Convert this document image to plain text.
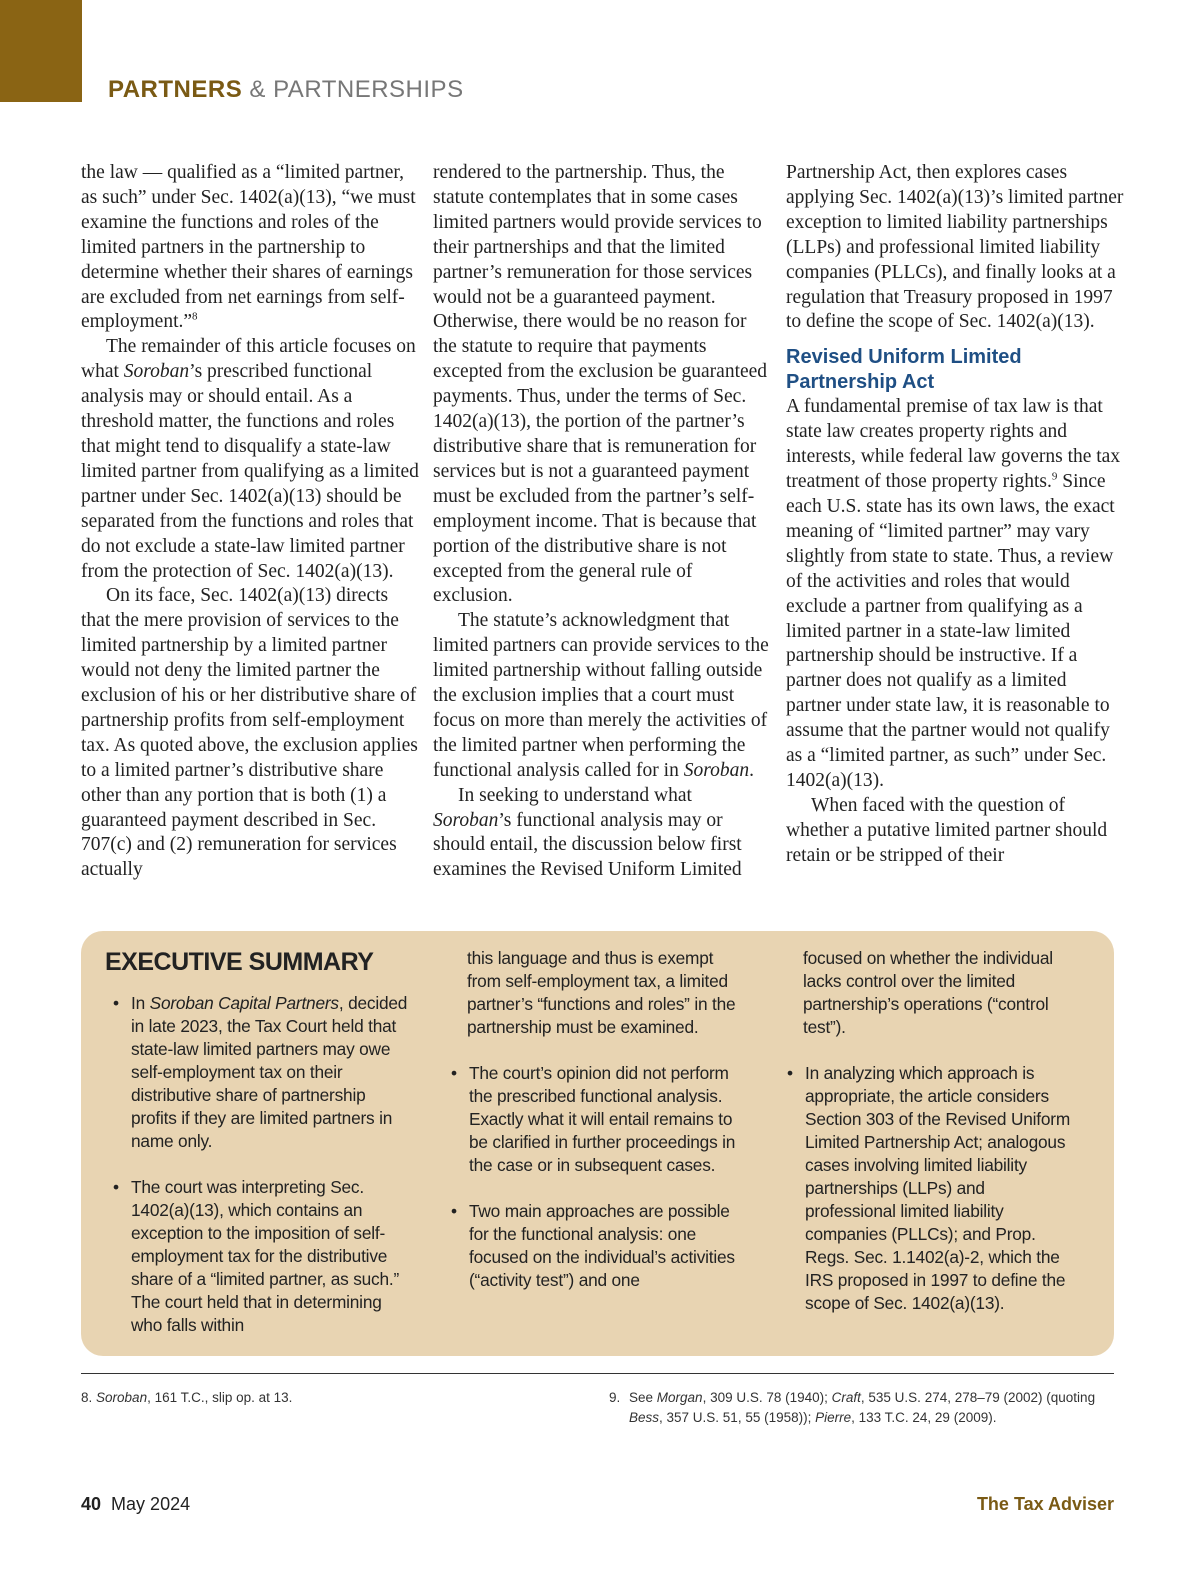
PARTNERS & PARTNERSHIPS

the law — qualified as a “limited partner, as such” under Sec. 1402(a)(13), “we must examine the functions and roles of the limited partners in the partnership to determine whether their shares of earnings are excluded from net earnings from self-employment.”$^8$

The remainder of this article focuses on what Soroban’s prescribed functional analysis may or should entail. As a threshold matter, the functions and roles that might tend to disqualify a state-law limited partner from qualifying as a limited partner under Sec. 1402(a)(13) should be separated from the functions and roles that do not exclude a state-law limited partner from the protection of Sec. 1402(a)(13).

On its face, Sec. 1402(a)(13) directs that the mere provision of services to the limited partnership by a limited partner would not deny the limited partner the exclusion of his or her distributive share of partnership profits from self-employment tax. As quoted above, the exclusion applies to a limited partner’s distributive share other than any portion that is both (1) a guaranteed payment described in Sec. 707(c) and (2) remuneration for services actually

rendered to the partnership. Thus, the statute contemplates that in some cases limited partners would provide services to their partnerships and that the limited partner’s remuneration for those services would not be a guaranteed payment. Otherwise, there would be no reason for the statute to require that payments excepted from the exclusion be guaranteed payments. Thus, under the terms of Sec. 1402(a)(13), the portion of the partner’s distributive share that is remuneration for services but is not a guaranteed payment must be excluded from the partner’s self-employment income. That is because that portion of the distributive share is not excepted from the general rule of exclusion.

The statute’s acknowledgment that limited partners can provide services to the limited partnership without falling outside the exclusion implies that a court must focus on more than merely the activities of the limited partner when performing the functional analysis called for in Soroban.

In seeking to understand what Soroban’s functional analysis may or should entail, the discussion below first examines the Revised Uniform Limited

Partnership Act, then explores cases applying Sec. 1402(a)(13)’s limited partner exception to limited liability partnerships (LLPs) and professional limited liability companies (PLLCs), and finally looks at a regulation that Treasury proposed in 1997 to define the scope of Sec. 1402(a)(13).

Revised Uniform Limited Partnership Act

A fundamental premise of tax law is that state law creates property rights and interests, while federal law governs the tax treatment of those property rights.$^9$ Since each U.S. state has its own laws, the exact meaning of “limited partner” may vary slightly from state to state. Thus, a review of the activities and roles that would exclude a partner from qualifying as a limited partner in a state-law limited partnership should be instructive. If a partner does not qualify as a limited partner under state law, it is reasonable to assume that the partner would not qualify as a “limited partner, as such” under Sec. 1402(a)(13).

When faced with the question of whether a putative limited partner should retain or be stripped of their

EXECUTIVE SUMMARY
• In Soroban Capital Partners, decided in late 2023, the Tax Court held that state-law limited partners may owe self-employment tax on their distributive share of partnership profits if they are limited partners in name only.
• The court was interpreting Sec. 1402(a)(13), which contains an exception to the imposition of self-employment tax for the distributive share of a “limited partner, as such.” The court held that in determining who falls within

this language and thus is exempt from self-employment tax, a limited partner’s “functions and roles” in the partnership must be examined.

• The court’s opinion did not perform the prescribed functional analysis. Exactly what it will entail remains to be clarified in further proceedings in the case or in subsequent cases.
• Two main approaches are possible for the functional analysis: one focused on the individual’s activities (“activity test”) and one

focused on whether the individual lacks control over the limited partnership’s operations (“control test”).

• In analyzing which approach is appropriate, the article considers Section 303 of the Revised Uniform Limited Partnership Act; analogous cases involving limited liability partnerships (LLPs) and professional limited liability companies (PLLCs); and Prop. Regs. Sec. 1.1402(a)-2, which the IRS proposed in 1997 to define the scope of Sec. 1402(a)(13).
8. Soroban, 161 T.C., slip op. at 13.	9. See Morgan, 309 U.S. 78 (1940); Craft, 535 U.S. 274, 278–79 (2002) (quoting Bess, 357 U.S. 51, 55 (1958)); Pierre, 133 T.C. 24, 29 (2009).
40 May 2024	The Tax Adviser
